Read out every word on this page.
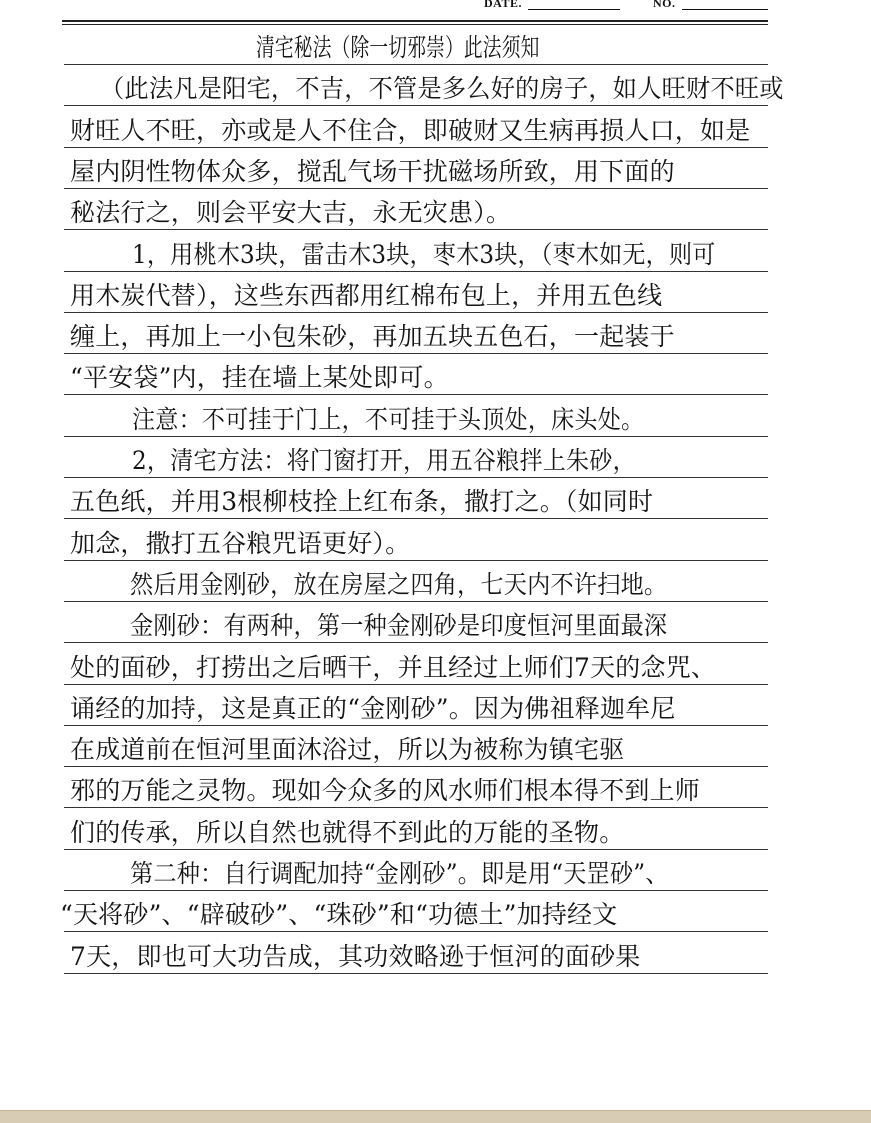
DATE.	NO.
清宅秘法（除一切邪崇）此法须知
（此法凡是阳宅，不吉，不管是多么好的房子，如人旺财不旺或
财旺人不旺，亦或是人不住合，即破财又生病再损人口，如是
屋内阴性物体众多，搅乱气场干扰磁场所致，用下面的
秘法行之，则会平安大吉，永无灾患）。
1，用桃木3块，雷击木3块，枣木3块，（枣木如无，则可
用木炭代替），这些东西都用红棉布包上，并用五色线
缠上，再加上一小包朱砂，再加五块五色石，一起装于
“平安袋”内，挂在墙上某处即可。
注意：不可挂于门上，不可挂于头顶处，床头处。
2，清宅方法：将门窗打开，用五谷粮拌上朱砂，
五色纸，并用3根柳枝拴上红布条，撒打之。（如同时
加念，撒打五谷粮咒语更好）。
然后用金刚砂，放在房屋之四角，七天内不许扫地。
金刚砂：有两种，第一种金刚砂是印度恒河里面最深
处的面砂，打捞出之后晒干，并且经过上师们7天的念咒、
诵经的加持，这是真正的“金刚砂”。因为佛祖释迦牟尼
在成道前在恒河里面沐浴过，所以为被称为镇宅驱
邪的万能之灵物。现如今众多的风水师们根本得不到上师
们的传承，所以自然也就得不到此的万能的圣物。
第二种：自行调配加持“金刚砂”。即是用“天罡砂”、
“天将砂”、“辟破砂”、“珠砂”和“功德土”加持经文
7天，即也可大功告成，其功效略逊于恒河的面砂果
